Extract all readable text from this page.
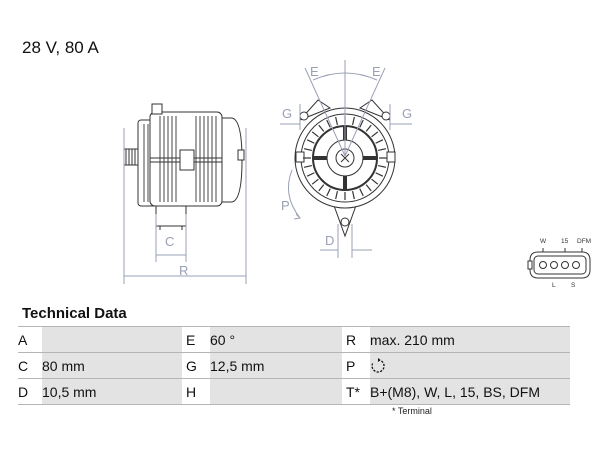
28 V, 80 A
C
R
E	E
G	G
P
D	W 15 DFM
L S
Technical Data
A			E	60 °		R	max. 210 mm
C	80 mm		G	12,5 mm		P	
D	10,5 mm		H			T*	B+(M8), W, L, 15, BS, DFM
* Terminal
